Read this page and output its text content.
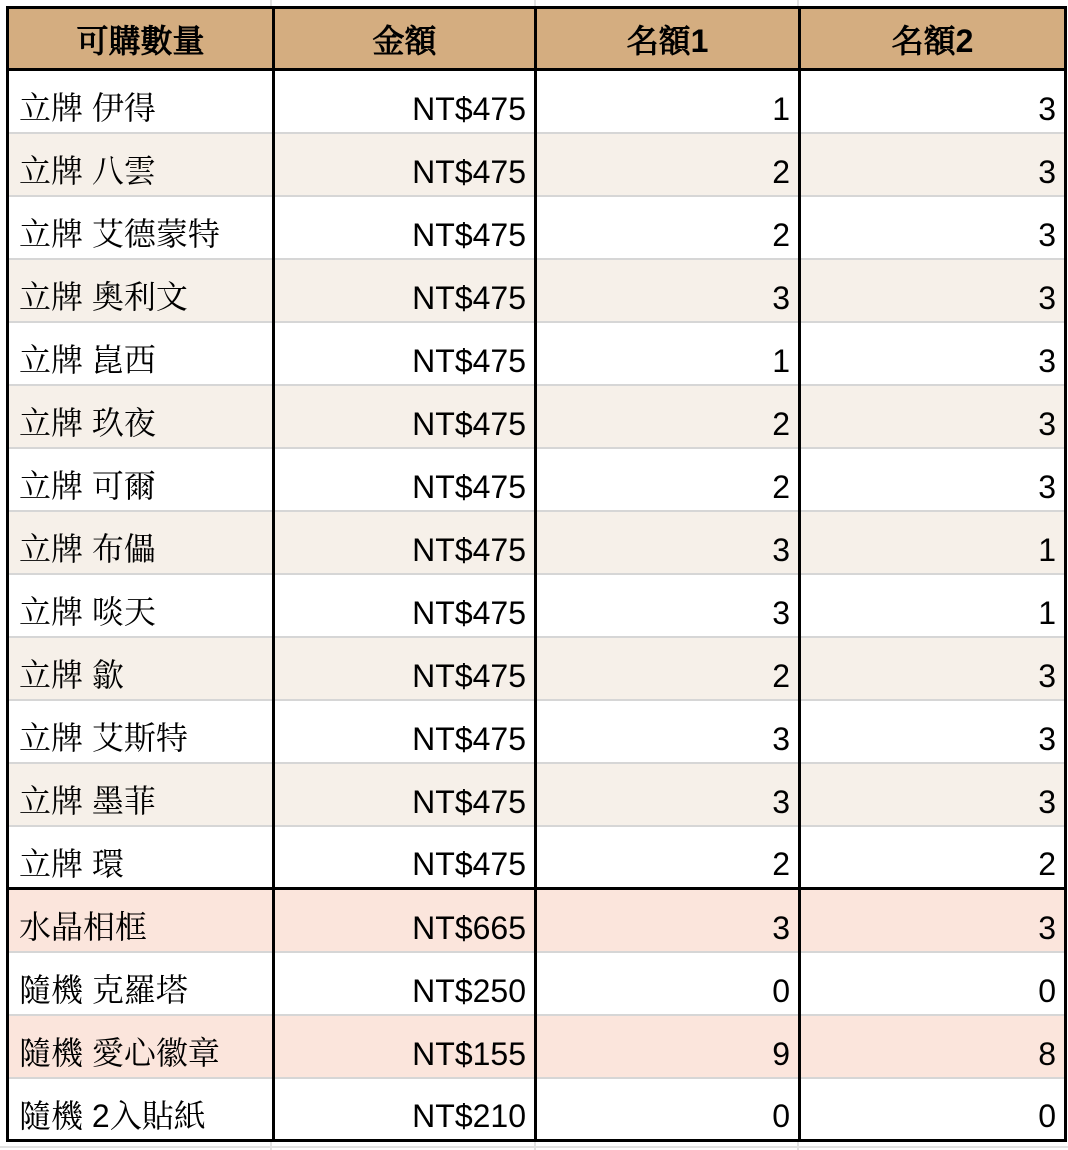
可購數量	金額	名額1	名額2
立牌 伊得	NT$475	1	3
立牌 八雲	NT$475	2	3
立牌 艾德蒙特	NT$475	2	3
立牌 奧利文	NT$475	3	3
立牌 崑西	NT$475	1	3
立牌 玖夜	NT$475	2	3
立牌 可爾	NT$475	2	3
立牌 布儡	NT$475	3	1
立牌 啖天	NT$475	3	1
立牌 歙	NT$475	2	3
立牌 艾斯特	NT$475	3	3
立牌 墨菲	NT$475	3	3
立牌 環	NT$475	2	2
水晶相框	NT$665	3	3
隨機 克羅塔	NT$250	0	0
隨機 愛心徽章	NT$155	9	8
隨機 2入貼紙	NT$210	0	0
